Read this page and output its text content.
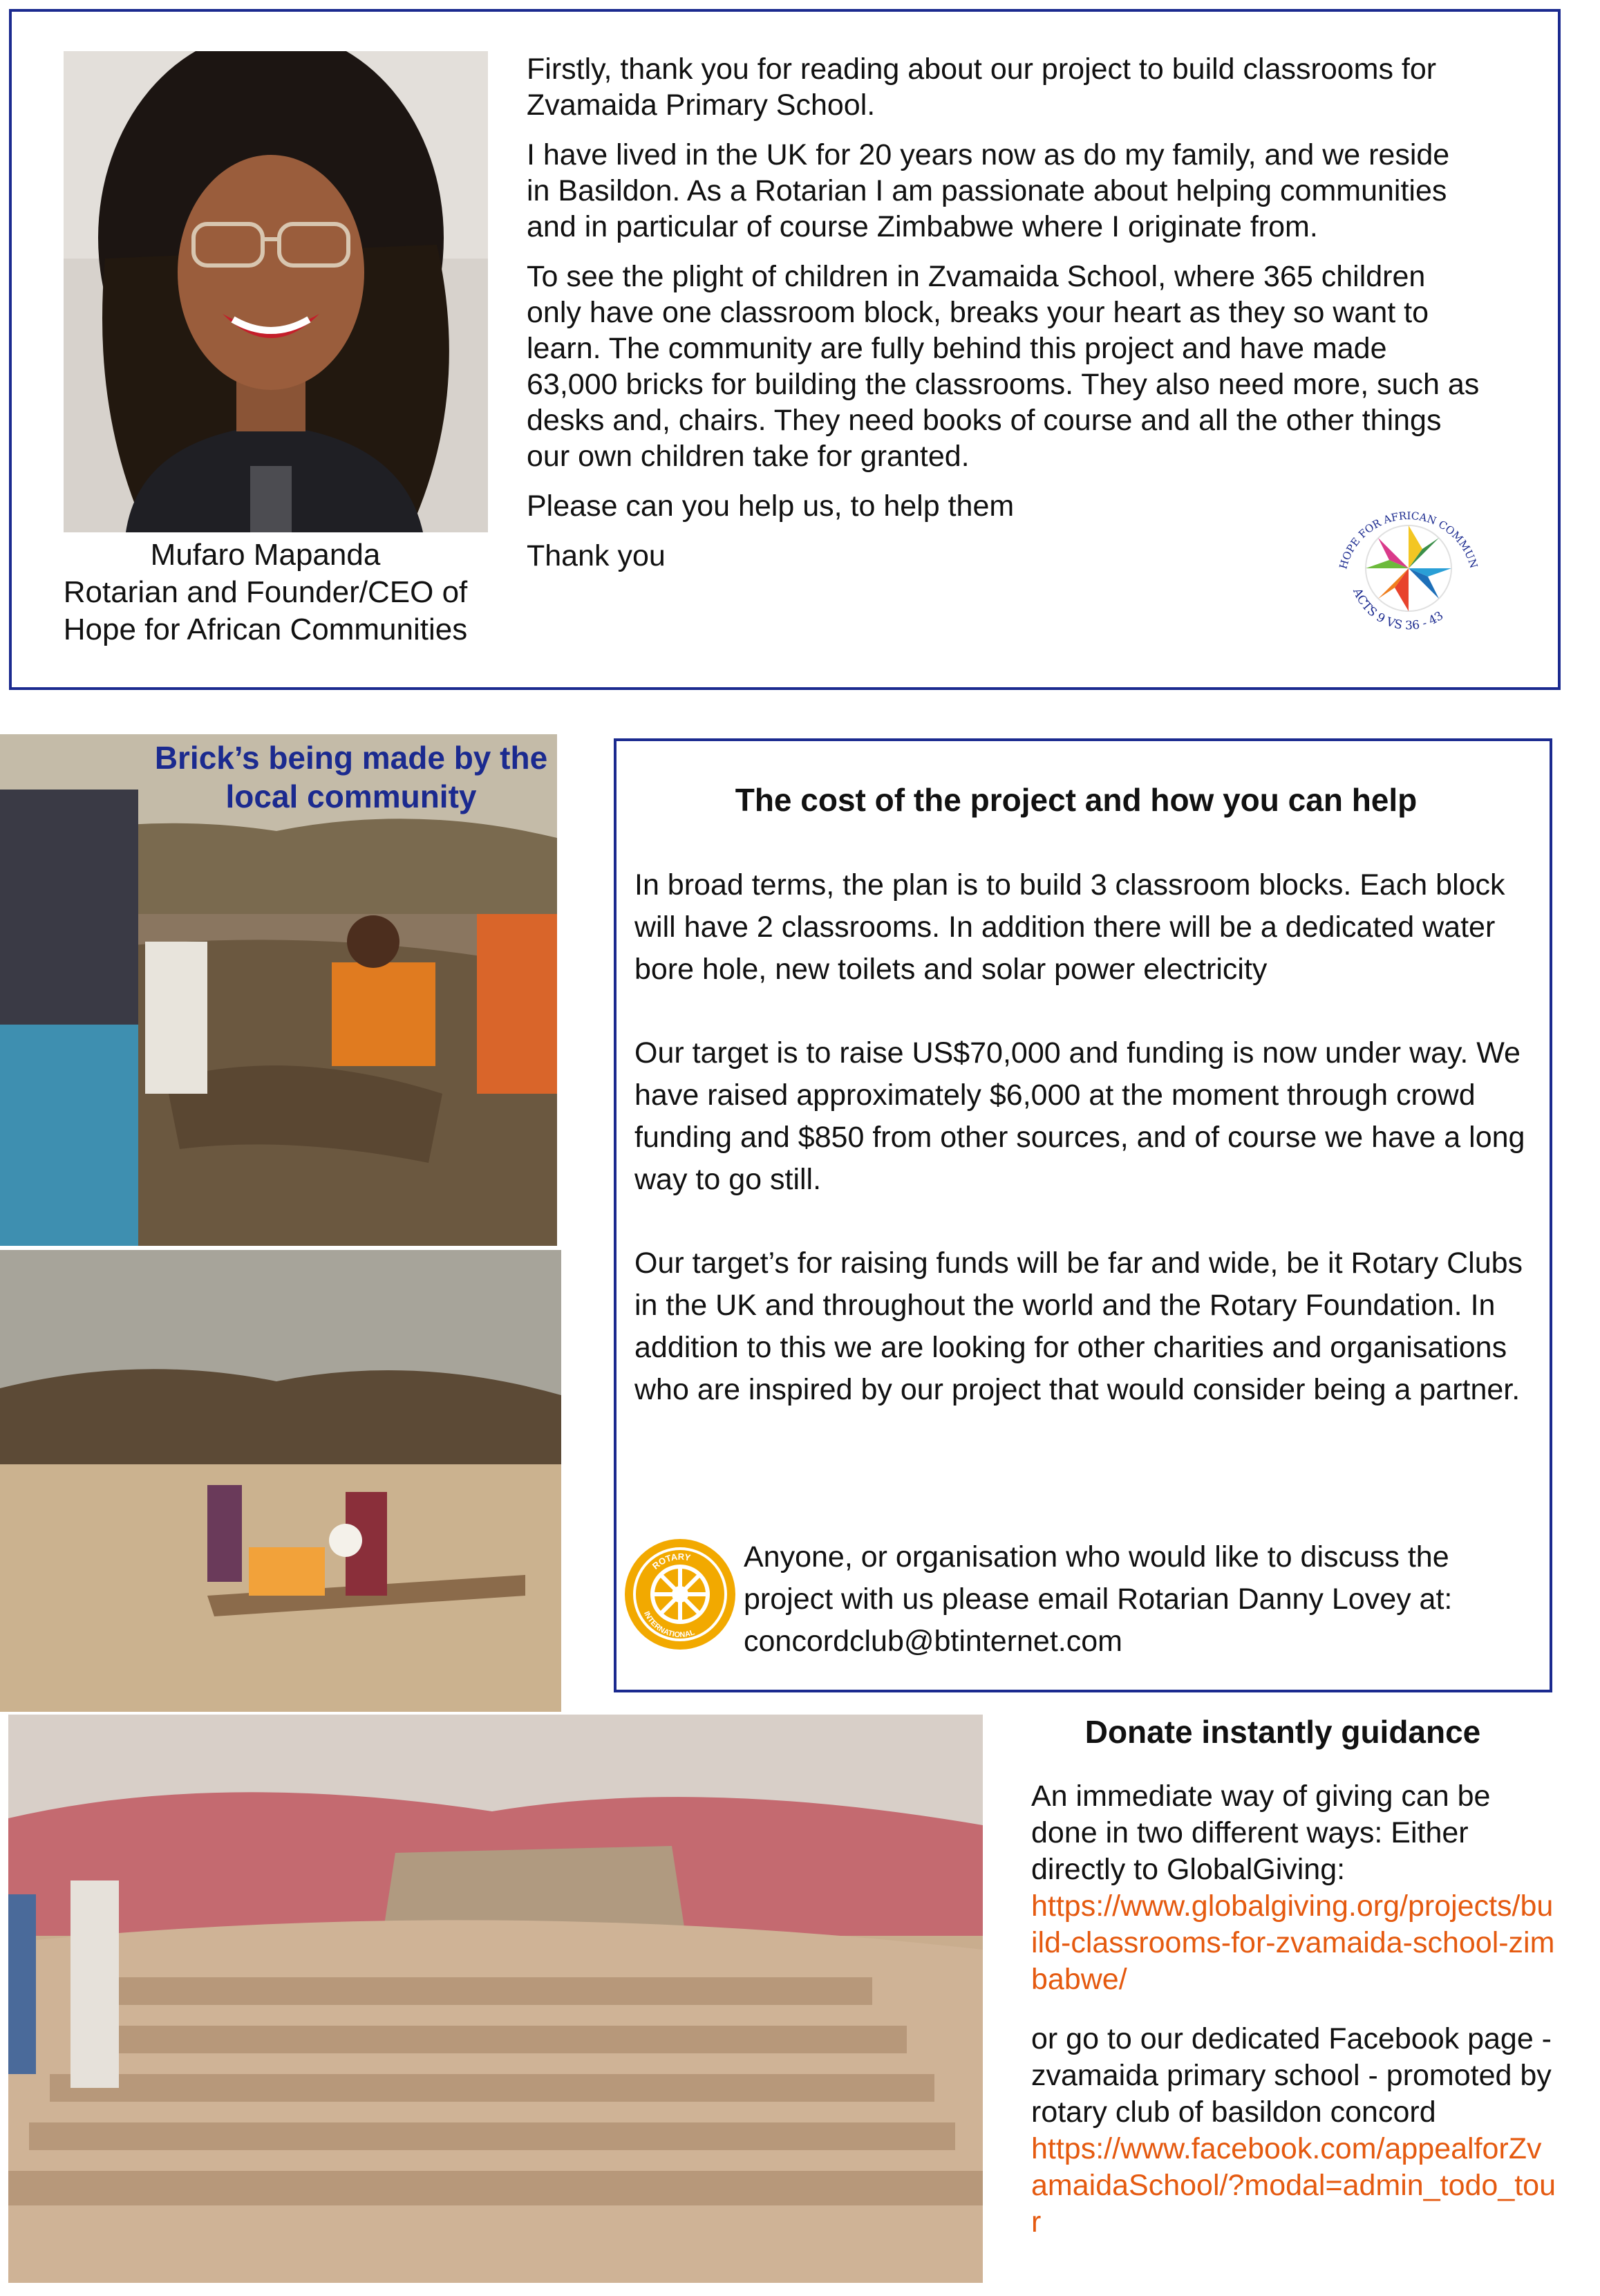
Mufaro Mapanda
Rotarian and Founder/CEO of
Hope for African Communities

Firstly, thank you for reading about our project to build classrooms for Zvamaida Primary School.

I have lived in the UK for 20 years now as do my family, and we reside in Basildon. As a Rotarian I am passionate about helping communities and in particular of course Zimbabwe where I originate from.

To see the plight of children in Zvamaida School, where 365 children only have one classroom block, breaks your heart as they so want to learn. The community are fully behind this project and have made 63,000 bricks for building the classrooms. They also need more, such as desks and, chairs. They need books of course and all the other things our own children take for granted.

Please can you help us, to help them

Thank you	HOPE FOR AFRICAN COMMUN
ACTS 9 VS 36 - 43
Brick’s being made by the local community	The cost of the project and how you can help

In broad terms, the plan is to build 3 classroom blocks. Each block will have 2 classrooms. In addition there will be a dedicated water bore hole, new toilets and solar power electricity

Our target is to raise US$70,000 and funding is now under way. We have raised approximately $6,000 at the moment through crowd funding and $850 from other sources, and of course we have a long way to go still.

Our target’s for raising funds will be far and wide, be it Rotary Clubs in the UK and throughout the world and the Rotary Foundation. In addition to this we are looking for other charities and organisations who are inspired by our project that would consider being a partner.

ROTARY
INTERNATIONAL
Anyone, or organisation who would like to discuss the project with us please email Rotarian Danny Lovey at: concordclub@btinternet.com
Donate instantly guidance

An immediate way of giving can be done in two different ways: Either directly to GlobalGiving:
https://www.globalgiving.org/projects/build-classrooms-for-zvamaida-school-zimbabwe/

or go to our dedicated Facebook page - zvamaida primary school - promoted by rotary club of basildon concord
https://www.facebook.com/appealforZvamaidaSchool/?modal=admin_todo_tour
